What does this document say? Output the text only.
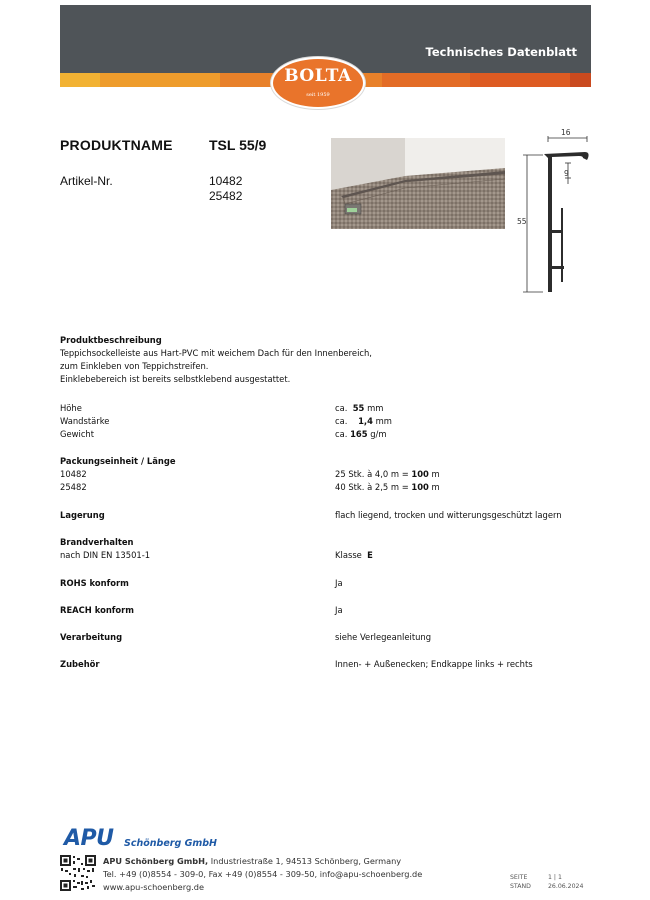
Technisches Datenblatt
BOLTA
seit 1959
PRODUKTNAME	TSL 55/9
Artikel-Nr.	10482
25482
16
9
55
Produktbeschreibung
Teppichsockelleiste aus Hart-PVC mit weichem Dach für den Innenbereich,
zum Einkleben von Teppichstreifen.
Einklebebereich ist bereits selbstklebend ausgestattet.
Höhe	ca. 55 mm
Wandstärke	ca. 1,4 mm
Gewicht	ca. 165 g/m
Packungseinheit / Länge
10482	25 Stk. à 4,0 m = 100 m
25482	40 Stk. à 2,5 m = 100 m
Lagerung	flach liegend, trocken und witterungsgeschützt lagern
Brandverhalten
nach DIN EN 13501-1	Klasse E
ROHS konform	Ja
REACH konform	Ja
Verarbeitung	siehe Verlegeanleitung
Zubehör	Innen- + Außenecken; Endkappe links + rechts
APU Schönberg GmbH
APU Schönberg GmbH, Industriestraße 1, 94513 Schönberg, Germany
Tel. +49 (0)8554 - 309-0, Fax +49 (0)8554 - 309-50, info@apu-schoenberg.de
www.apu-schoenberg.de
SEITE	1 | 1
STAND	26.06.2024
